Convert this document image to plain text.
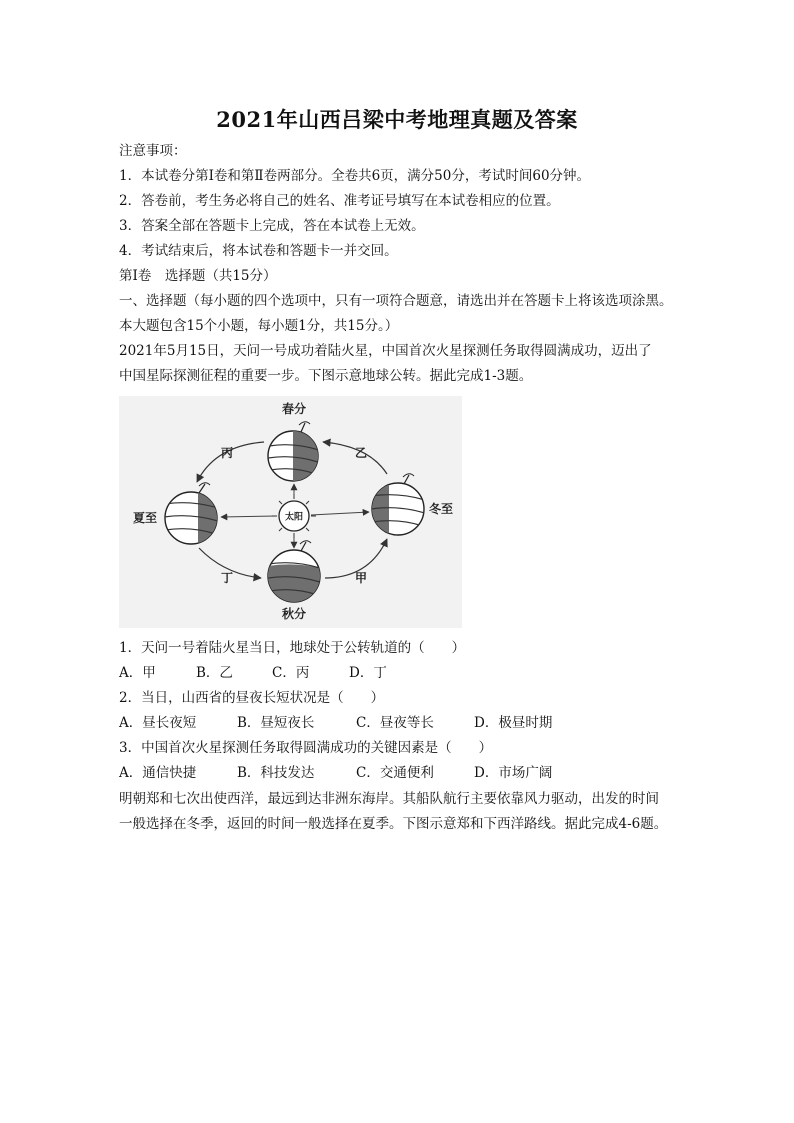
2021年山西吕梁中考地理真题及答案
注意事项：
1．本试卷分第Ⅰ卷和第Ⅱ卷两部分。全卷共6页，满分50分，考试时间60分钟。
2．答卷前，考生务必将自己的姓名、准考证号填写在本试卷相应的位置。
3．答案全部在答题卡上完成，答在本试卷上无效。
4．考试结束后，将本试卷和答题卡一并交回。
第Ⅰ卷　选择题（共15分）
一、选择题（每小题的四个选项中，只有一项符合题意，请选出并在答题卡上将该选项涂黑。
本大题包含15个小题，每小题1分，共15分。）
2021年5月15日，天问一号成功着陆火星，中国首次火星探测任务取得圆满成功，迈出了
中国星际探测征程的重要一步。下图示意地球公转。据此完成1-3题。
太阳
春分
夏至
冬至
秋分
丙	乙
丁	甲
1．天问一号着陆火星当日，地球处于公转轨道的（　　）
A．甲	B．乙	C．丙	D．丁
2．当日，山西省的昼夜长短状况是（　　）
A．昼长夜短	B．昼短夜长	C．昼夜等长	D．极昼时期
3．中国首次火星探测任务取得圆满成功的关键因素是（　　）
A．通信快捷	B．科技发达	C．交通便利	D．市场广阔
明朝郑和七次出使西洋，最远到达非洲东海岸。其船队航行主要依靠风力驱动，出发的时间
一般选择在冬季，返回的时间一般选择在夏季。下图示意郑和下西洋路线。据此完成4-6题。
